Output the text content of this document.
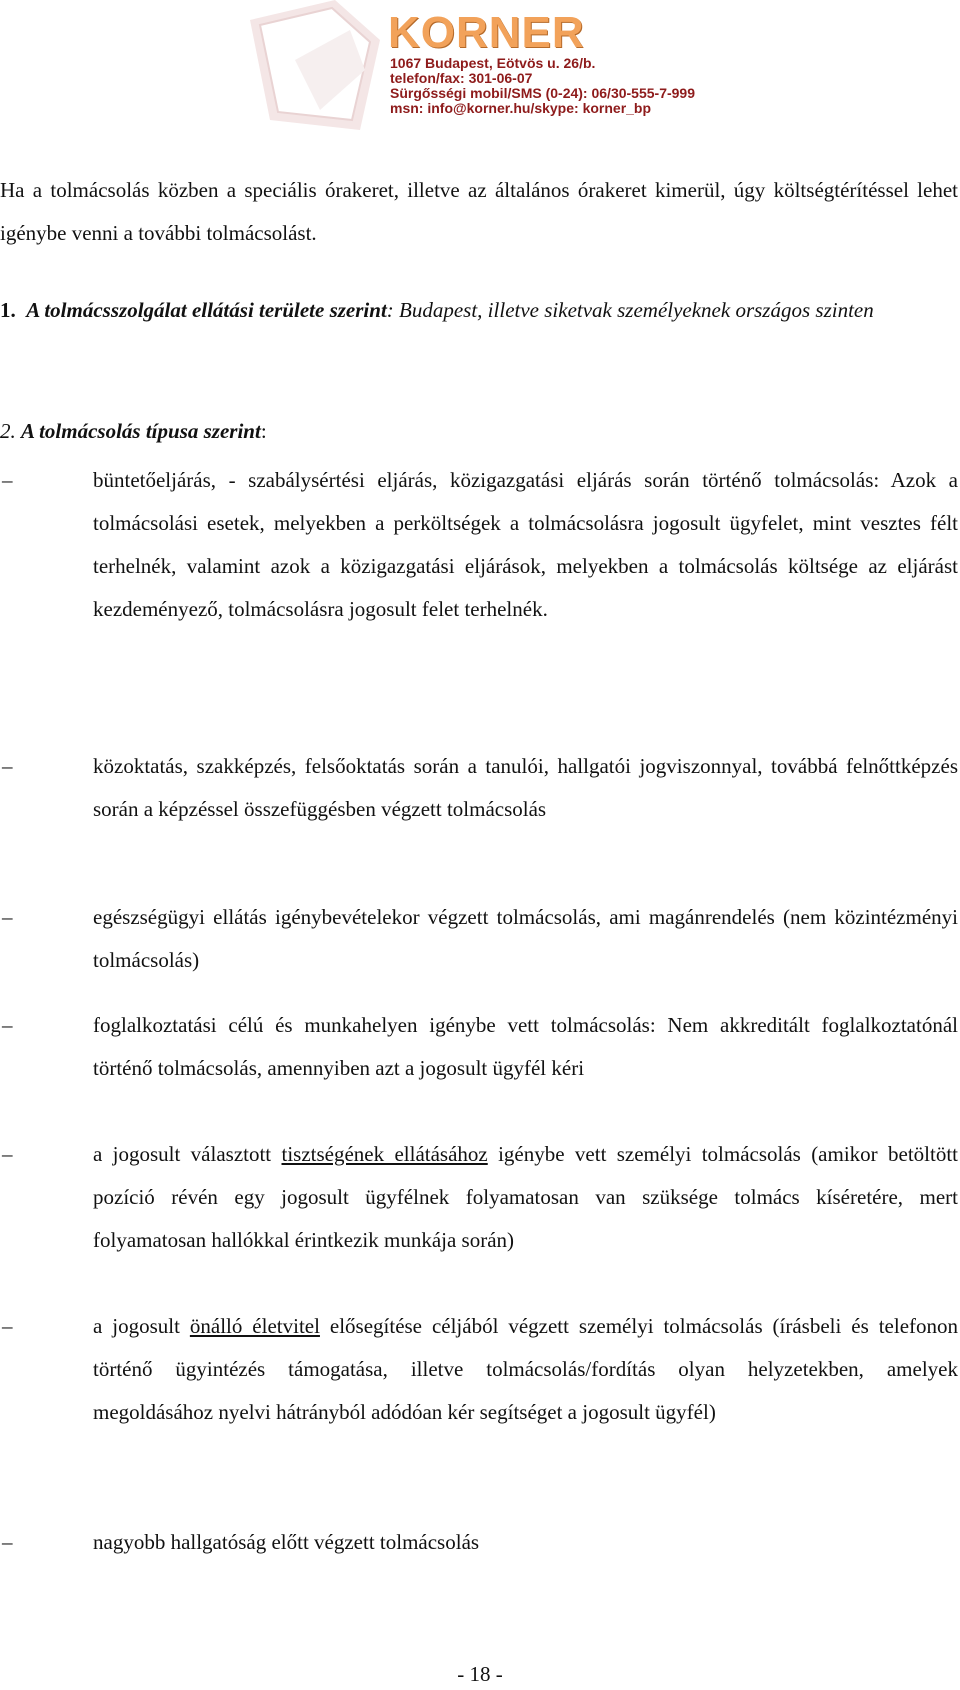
KORNER
1067 Budapest, Eötvös u. 26/b.
telefon/fax: 301-06-07
Sürgősségi mobil/SMS (0-24): 06/30-555-7-999
msn: info@korner.hu/skype: korner_bp
Ha a tolmácsolás közben a speciális órakeret, illetve az általános órakeret kimerül, úgy költségtérítéssel lehet igénybe venni a további tolmácsolást.
1. A tolmácsszolgálat ellátási területe szerint: Budapest, illetve siketvak személyeknek országos szinten
2. A tolmácsolás típusa szerint:
–	büntetőeljárás, - szabálysértési eljárás, közigazgatási eljárás során történő tolmácsolás: Azok a tolmácsolási esetek, melyekben a perköltségek a tolmácsolásra jogosult ügyfelet, mint vesztes félt terhelnék, valamint azok a közigazgatási eljárások, melyekben a tolmácsolás költsége az eljárást kezdeményező, tolmácsolásra jogosult felet terhelnék.
–	közoktatás, szakképzés, felsőoktatás során a tanulói, hallgatói jogviszonnyal, továbbá felnőttképzés során a képzéssel összefüggésben végzett tolmácsolás
–	egészségügyi ellátás igénybevételekor végzett tolmácsolás, ami magánrendelés (nem közintézményi tolmácsolás)
–	foglalkoztatási célú és munkahelyen igénybe vett tolmácsolás: Nem akkreditált foglalkoztatónál történő tolmácsolás, amennyiben azt a jogosult ügyfél kéri
–	a jogosult választott tisztségének ellátásához igénybe vett személyi tolmácsolás (amikor betöltött pozíció révén egy jogosult ügyfélnek folyamatosan van szüksége tolmács kíséretére, mert folyamatosan hallókkal érintkezik munkája során)
–	a jogosult önálló életvitel elősegítése céljából végzett személyi tolmácsolás (írásbeli és telefonon történő ügyintézés támogatása, illetve tolmácsolás/fordítás olyan helyzetekben, amelyek megoldásához nyelvi hátrányból adódóan kér segítséget a jogosult ügyfél)
–	nagyobb hallgatóság előtt végzett tolmácsolás
- 18 -
